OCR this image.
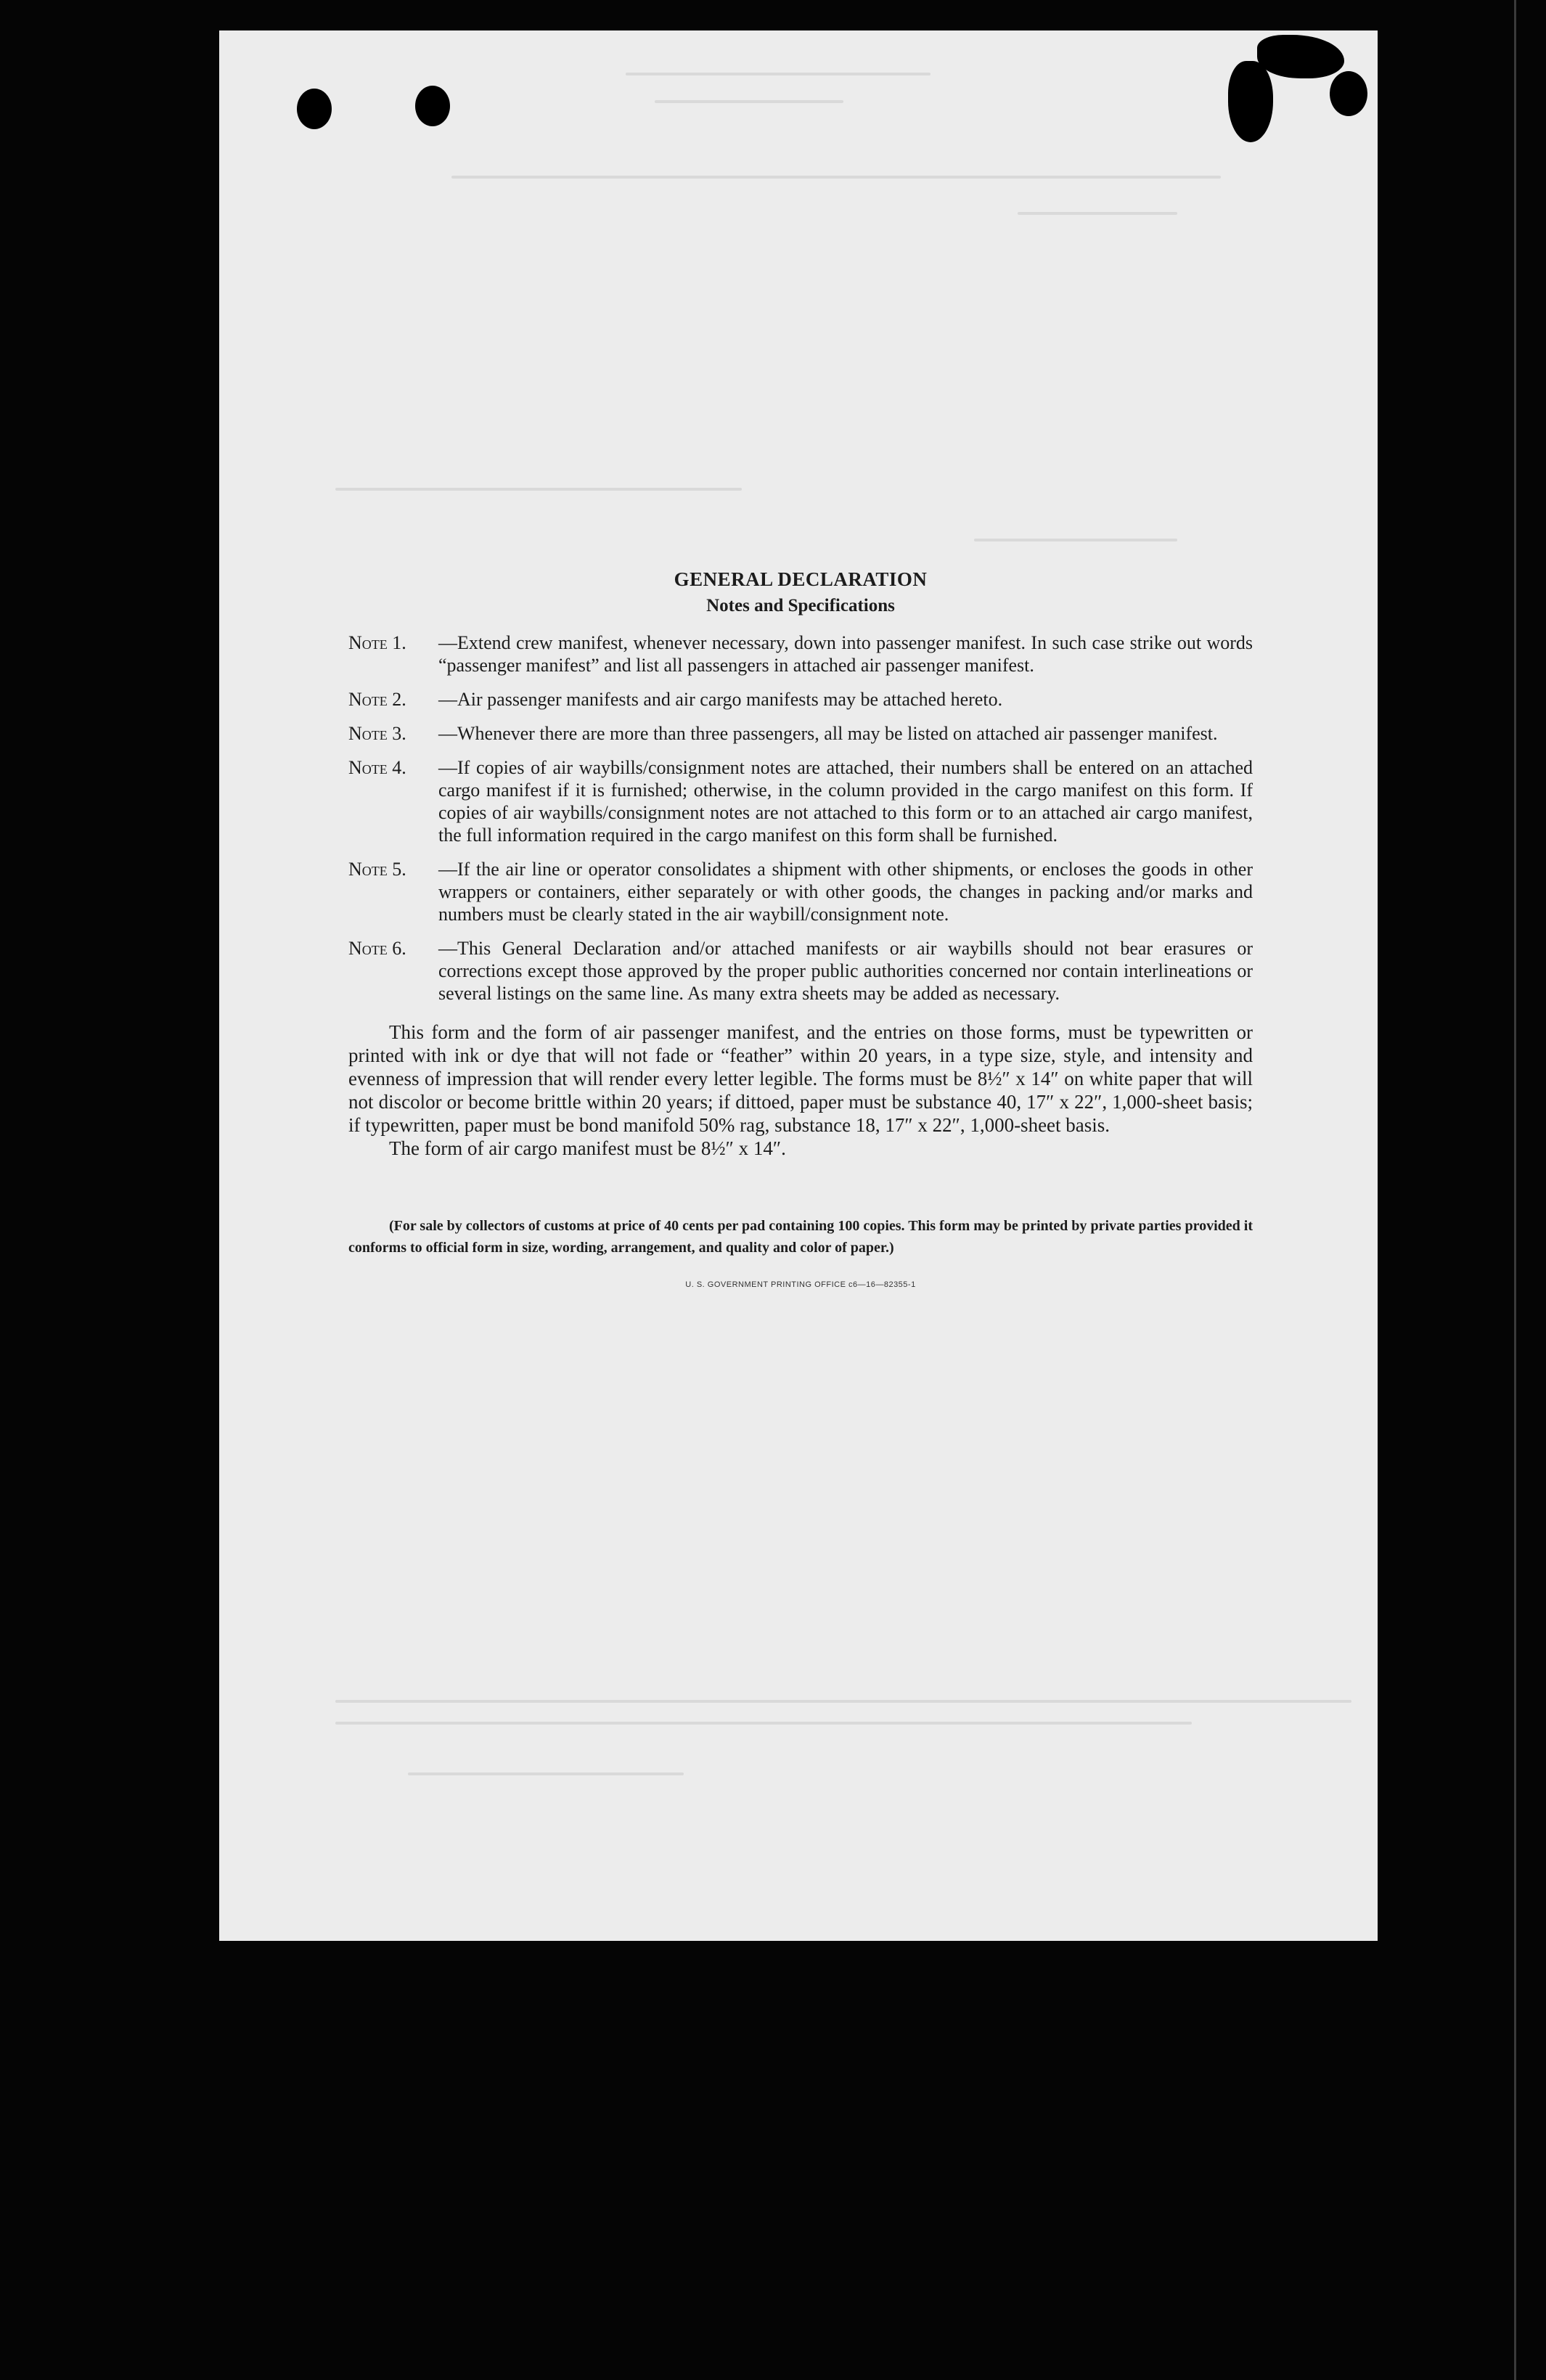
GENERAL DECLARATION
Notes and Specifications
Note 1. —Extend crew manifest, whenever necessary, down into passenger manifest. In such case strike out words “passenger manifest” and list all passengers in attached air passenger manifest.
Note 2. —Air passenger manifests and air cargo manifests may be attached hereto.
Note 3. —Whenever there are more than three passengers, all may be listed on attached air passenger manifest.
Note 4. —If copies of air waybills/consignment notes are attached, their numbers shall be entered on an attached cargo manifest if it is furnished; otherwise, in the column provided in the cargo manifest on this form. If copies of air waybills/consignment notes are not attached to this form or to an attached air cargo manifest, the full information required in the cargo manifest on this form shall be furnished.
Note 5. —If the air line or operator consolidates a shipment with other shipments, or encloses the goods in other wrappers or containers, either separately or with other goods, the changes in packing and/or marks and numbers must be clearly stated in the air waybill/consignment note.
Note 6. —This General Declaration and/or attached manifests or air waybills should not bear erasures or corrections except those approved by the proper public authorities concerned nor contain interlineations or several listings on the same line. As many extra sheets may be added as necessary.

This form and the form of air passenger manifest, and the entries on those forms, must be typewritten or printed with ink or dye that will not fade or “feather” within 20 years, in a type size, style, and intensity and evenness of impression that will render every letter legible. The forms must be 8½″ x 14″ on white paper that will not discolor or become brittle within 20 years; if dittoed, paper must be substance 40, 17″ x 22″, 1,000-sheet basis; if typewritten, paper must be bond manifold 50% rag, substance 18, 17″ x 22″, 1,000-sheet basis.

The form of air cargo manifest must be 8½″ x 14″.

(For sale by collectors of customs at price of 40 cents per pad containing 100 copies. This form may be printed by private parties provided it conforms to official form in size, wording, arrangement, and quality and color of paper.)

U. S. GOVERNMENT PRINTING OFFICE c6—16—82355-1
